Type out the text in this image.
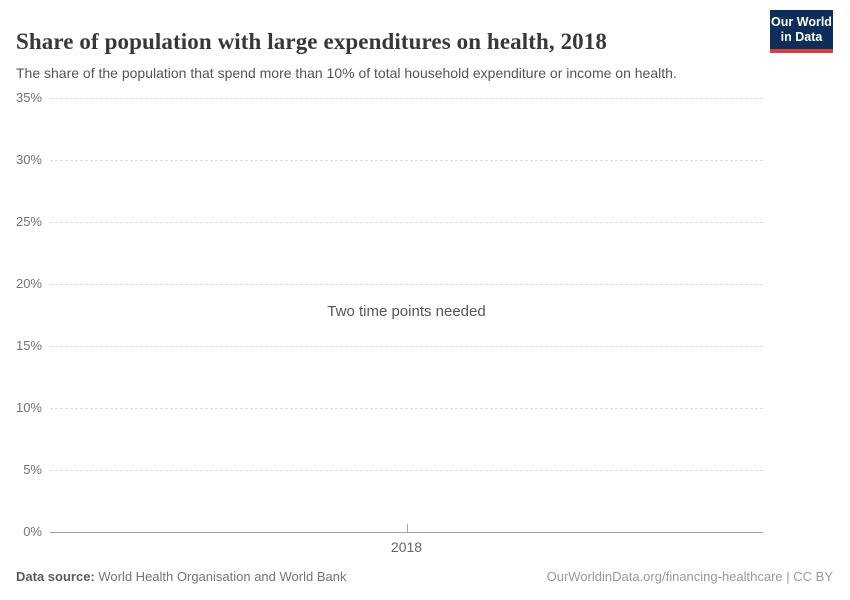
Share of population with large expenditures on health, 2018

The share of the population that spend more than 10% of total household expenditure or income on health.

Our World
in Data
35%
30%
25%
20%
15%
10%
5%
0%
2018
Two time points needed
Data source: World Health Organisation and World Bank	OurWorldinData.org/financing-healthcare | CC BY
